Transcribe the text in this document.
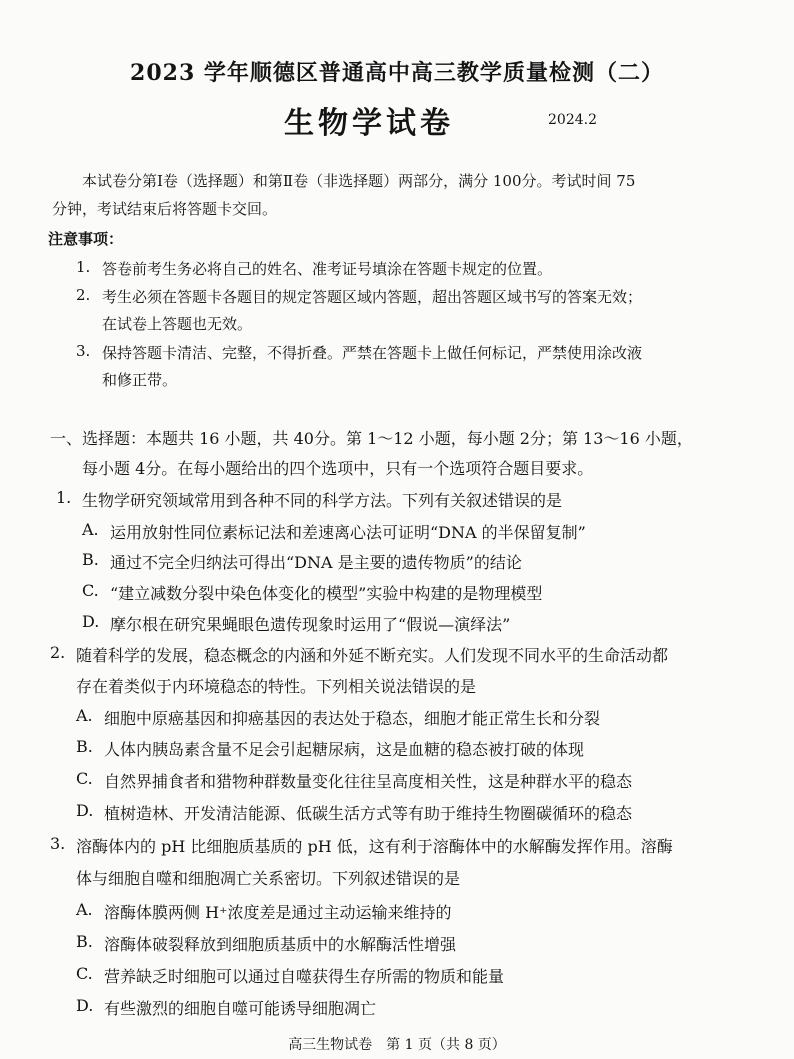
2023 学年顺德区普通高中高三教学质量检测（二）
生物学试卷	2024.2
本试卷分第Ⅰ卷（选择题）和第Ⅱ卷（非选择题）两部分，满分 100分。考试时间 75
分钟，考试结束后将答题卡交回。
注意事项：
1. 答卷前考生务必将自己的姓名、准考证号填涂在答题卡规定的位置。
2. 考生必须在答题卡各题目的规定答题区域内答题，超出答题区域书写的答案无效；
在试卷上答题也无效。
3. 保持答题卡清洁、完整，不得折叠。严禁在答题卡上做任何标记，严禁使用涂改液
和修正带。
一、选择题：本题共 16 小题，共 40分。第 1～12 小题，每小题 2分；第 13～16 小题，
每小题 4分。在每小题给出的四个选项中，只有一个选项符合题目要求。
1. 生物学研究领域常用到各种不同的科学方法。下列有关叙述错误的是
A. 运用放射性同位素标记法和差速离心法可证明“DNA 的半保留复制”
B. 通过不完全归纳法可得出“DNA 是主要的遗传物质”的结论
C. “建立减数分裂中染色体变化的模型”实验中构建的是物理模型
D. 摩尔根在研究果蝇眼色遗传现象时运用了“假说—演绎法”
2. 随着科学的发展，稳态概念的内涵和外延不断充实。人们发现不同水平的生命活动都
存在着类似于内环境稳态的特性。下列相关说法错误的是
A. 细胞中原癌基因和抑癌基因的表达处于稳态，细胞才能正常生长和分裂
B. 人体内胰岛素含量不足会引起糖尿病，这是血糖的稳态被打破的体现
C. 自然界捕食者和猎物种群数量变化往往呈高度相关性，这是种群水平的稳态
D. 植树造林、开发清洁能源、低碳生活方式等有助于维持生物圈碳循环的稳态
3. 溶酶体内的 pH 比细胞质基质的 pH 低，这有利于溶酶体中的水解酶发挥作用。溶酶
体与细胞自噬和细胞凋亡关系密切。下列叙述错误的是
A. 溶酶体膜两侧 H⁺浓度差是通过主动运输来维持的
B. 溶酶体破裂释放到细胞质基质中的水解酶活性增强
C. 营养缺乏时细胞可以通过自噬获得生存所需的物质和能量
D. 有些激烈的细胞自噬可能诱导细胞凋亡
高三生物试卷　第 1 页（共 8 页）
